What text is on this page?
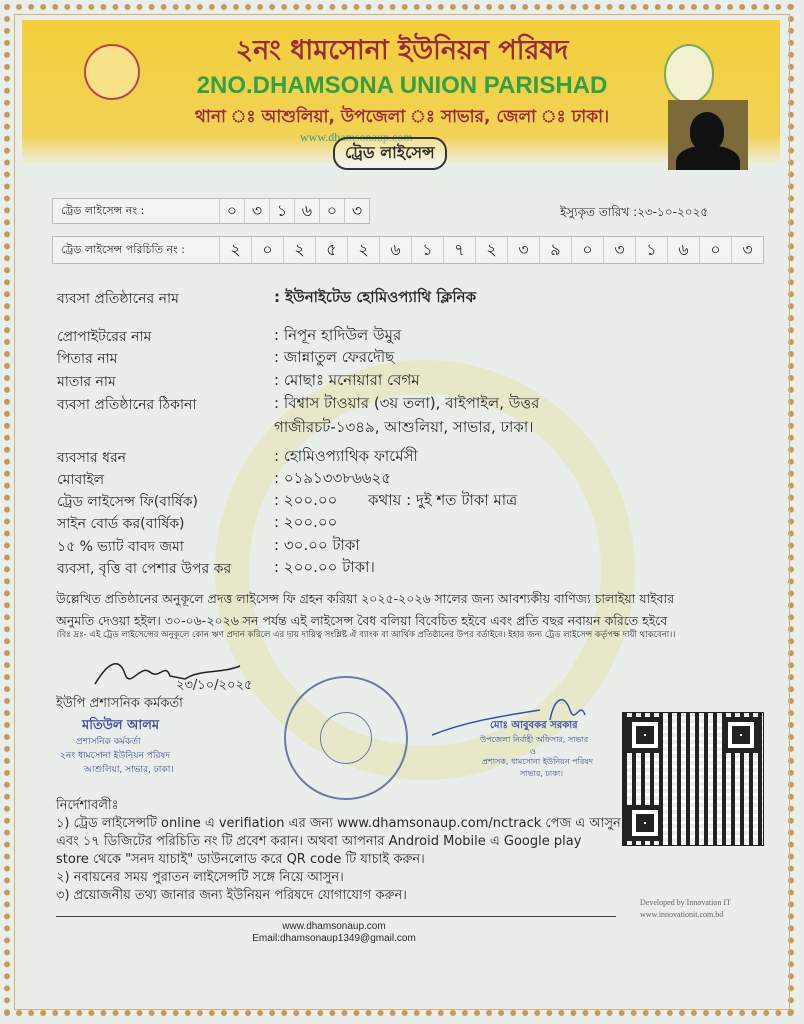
২নং ধামসোনা ইউনিয়ন পরিষদ
2NO.DHAMSONA UNION PARISHAD
থানা ঃ আশুলিয়া, উপজেলা ঃ সাভার, জেলা ঃ ঢাকা।
www.dhamsonaup.com
ট্রেড লাইসেন্স
ট্রেড লাইসেন্স নং :	০ ৩ ১ ৬ ০ ৩	ইস্যুকৃত তারিখ :২৩-১০-২০২৫
ট্রেড লাইসেন্স পরিচিতি নং :	২	০	২	৫	২	৬	১	৭	২	৩	৯	০	৩	১	৬	০	৩
ব্যবসা প্রতিষ্ঠানের নাম	: ইউনাইটেড হোমিওপ্যাথি ক্লিনিক
প্রোপাইটরের নাম	: নিপূন হাদিউল উমুর
পিতার নাম	: জান্নাতুল ফেরদৌছ
মাতার নাম	: মোছাঃ মনোয়ারা বেগম
ব্যবসা প্রতিষ্ঠানের ঠিকানা	: বিশ্বাস টাওয়ার (৩য় তলা), বাইপাইল, উত্তর
গাজীরচট-১৩৪৯, আশুলিয়া, সাভার, ঢাকা।
ব্যবসার ধরন	: হোমিওপ্যাথিক ফার্মেসী
মোবাইল	: ০১৯১৩৩৮৬৬২৫
ট্রেড লাইসেন্স ফি(বার্ষিক)	: ২০০.০০ কথায় : দুই শত টাকা মাত্র
সাইন বোর্ড কর(বার্ষিক)	: ২০০.০০
১৫ % ভ্যাট বাবদ জমা	: ৩০.০০ টাকা
ব্যবসা, বৃত্তি বা পেশার উপর কর	: ২০০.০০ টাকা।
উল্লেখিত প্রতিষ্ঠানের অনুকূলে প্রদত্ত লাইসেন্স ফি গ্রহন করিয়া ২০২৫-২০২৬ সালের জন্য আবশ্যকীয় বাণিজ্য চালাইয়া যাইবার
অনুমতি দেওয়া হইল। ৩০-০৬-২০২৬ সন পর্যন্ত এই লাইসেন্স বৈধ বলিয়া বিবেচিত হইবে এবং প্রতি বছর নবায়ন করিতে হইবে
।বিঃ দ্রঃ- এই ট্রেড লাইসেন্সের অনুকূলে কোন ঋণ প্রদান করিলে এর দায় দায়িত্ব সংশ্লিষ্ট ঐ ব্যাংক বা আর্থিক প্রতিষ্ঠানের উপর বর্তাইবে। ইহার জন্য ট্রেড লাইসেন্স কর্তৃপক্ষ দায়ী থাকবেনা।।
২৩/১০/২০২৫
ইউপি প্রশাসনিক কর্মকর্তা
মতিউল আলম
প্রশাসনিক কর্মকর্তা
২নং ধামসোনা ইউনিয়ন পরিষদ
আশুলিয়া, সাভার, ঢাকা।
মোঃ আবুবকর সরকার
উপজেলা নির্বাহী অফিসার, সাভার
ও
প্রশাসক, ধামসোনা ইউনিয়ন পরিষদ
সাভার, ঢাকা।
নির্দেশাবলীঃ
১) ট্রেড লাইসেন্সটি online এ verifiation এর জন্য www.dhamsonaup.com/nctrack পেজ এ আসুন
এবং ১৭ ডিজিটের পরিচিতি নং টি প্রবেশ করান। অথবা আপনার Android Mobile এ Google play
store থেকে "সনদ যাচাই" ডাউনলোড করে QR code টি যাচাই করুন।
২) নবায়নের সময় পুরাতন লাইসেন্সটি সঙ্গে নিয়ে আসুন।
৩) প্রয়োজনীয় তথ্য জানার জন্য ইউনিয়ন পরিষদে যোগাযোগ করুন।	Developed by Innovation IT
www.innovationit.com.bd
www.dhamsonaup.com
Email:dhamsonaup1349@gmail.com
